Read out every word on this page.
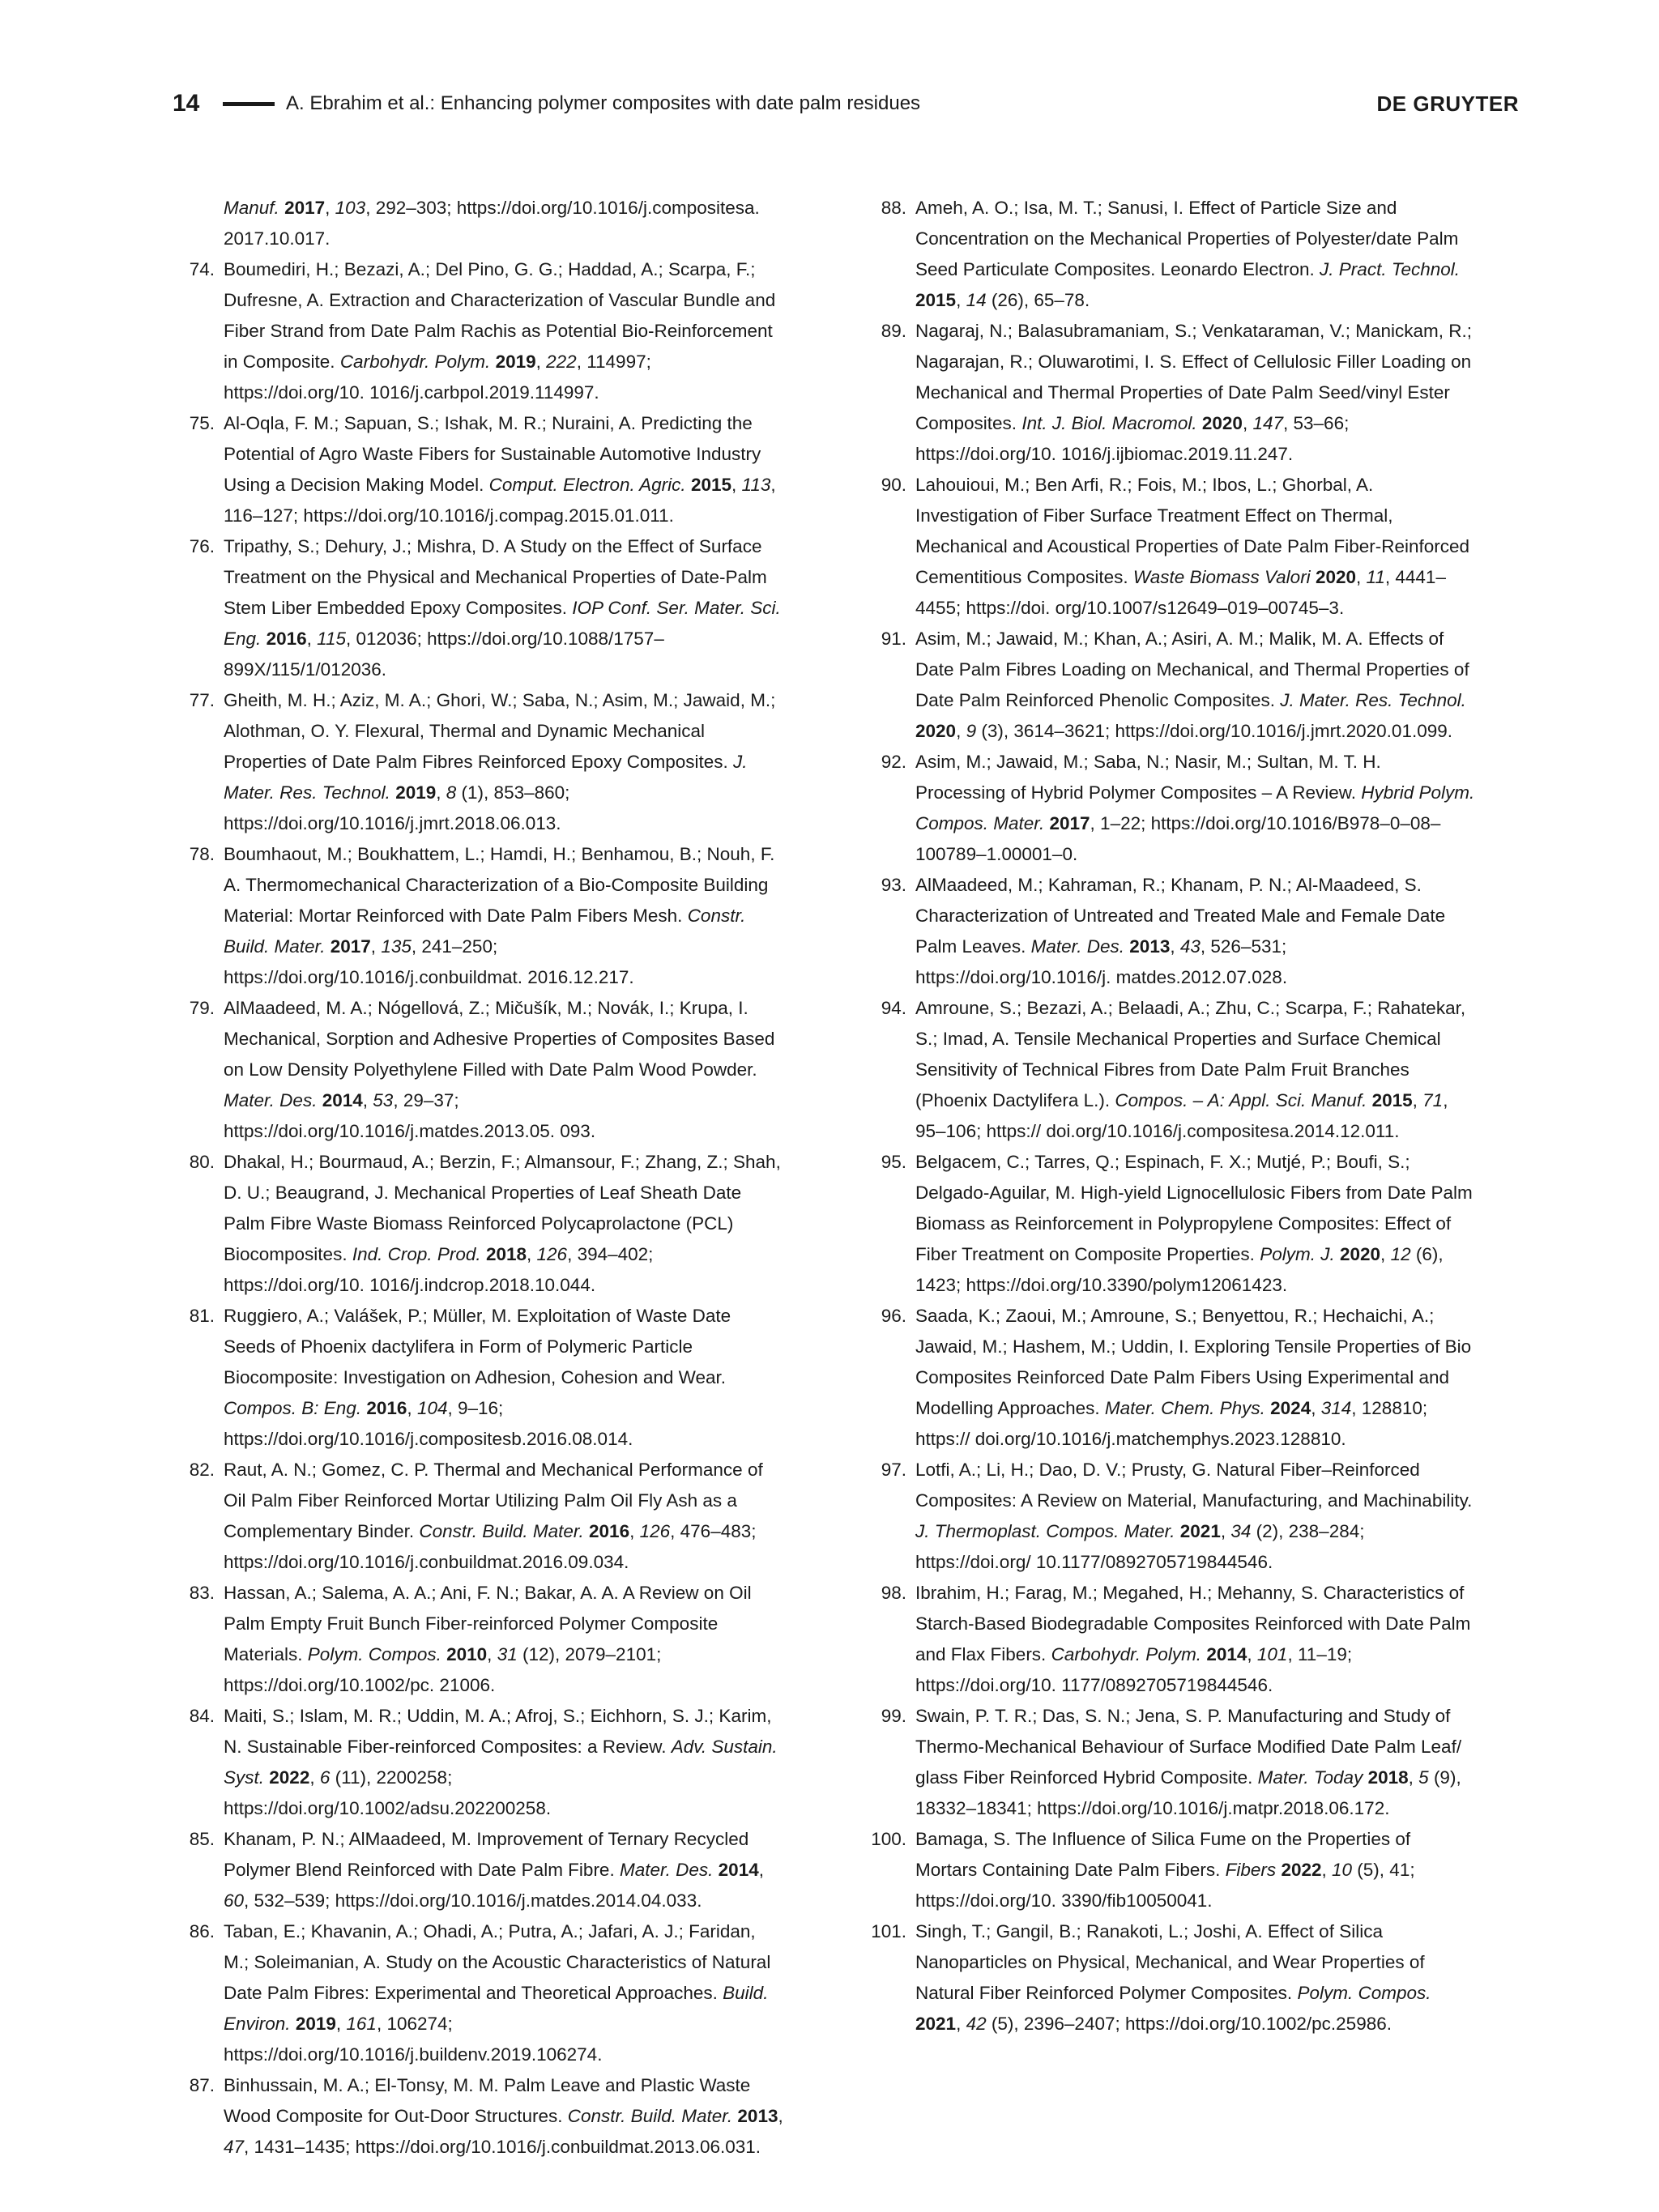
14	A. Ebrahim et al.: Enhancing polymer composites with date palm residues	DE GRUYTER
Manuf. 2017, 103, 292–303; https://doi.org/10.1016/j.compositesa. 2017.10.017.
74. Boumediri, H.; Bezazi, A.; Del Pino, G. G.; Haddad, A.; Scarpa, F.; Dufresne, A. Extraction and Characterization of Vascular Bundle and Fiber Strand from Date Palm Rachis as Potential Bio-Reinforcement in Composite. Carbohydr. Polym. 2019, 222, 114997; https://doi.org/10. 1016/j.carbpol.2019.114997.
75. Al-Oqla, F. M.; Sapuan, S.; Ishak, M. R.; Nuraini, A. Predicting the Potential of Agro Waste Fibers for Sustainable Automotive Industry Using a Decision Making Model. Comput. Electron. Agric. 2015, 113, 116–127; https://doi.org/10.1016/j.compag.2015.01.011.
76. Tripathy, S.; Dehury, J.; Mishra, D. A Study on the Effect of Surface Treatment on the Physical and Mechanical Properties of Date-Palm Stem Liber Embedded Epoxy Composites. IOP Conf. Ser. Mater. Sci. Eng. 2016, 115, 012036; https://doi.org/10.1088/1757–899X/115/1/012036.
77. Gheith, M. H.; Aziz, M. A.; Ghori, W.; Saba, N.; Asim, M.; Jawaid, M.; Alothman, O. Y. Flexural, Thermal and Dynamic Mechanical Properties of Date Palm Fibres Reinforced Epoxy Composites. J. Mater. Res. Technol. 2019, 8 (1), 853–860; https://doi.org/10.1016/j.jmrt.2018.06.013.
78. Boumhaout, M.; Boukhattem, L.; Hamdi, H.; Benhamou, B.; Nouh, F. A. Thermomechanical Characterization of a Bio-Composite Building Material: Mortar Reinforced with Date Palm Fibers Mesh. Constr. Build. Mater. 2017, 135, 241–250; https://doi.org/10.1016/j.conbuildmat. 2016.12.217.
79. AlMaadeed, M. A.; Nógellová, Z.; Mičušík, M.; Novák, I.; Krupa, I. Mechanical, Sorption and Adhesive Properties of Composites Based on Low Density Polyethylene Filled with Date Palm Wood Powder. Mater. Des. 2014, 53, 29–37; https://doi.org/10.1016/j.matdes.2013.05. 093.
80. Dhakal, H.; Bourmaud, A.; Berzin, F.; Almansour, F.; Zhang, Z.; Shah, D. U.; Beaugrand, J. Mechanical Properties of Leaf Sheath Date Palm Fibre Waste Biomass Reinforced Polycaprolactone (PCL) Biocomposites. Ind. Crop. Prod. 2018, 126, 394–402; https://doi.org/10. 1016/j.indcrop.2018.10.044.
81. Ruggiero, A.; Valášek, P.; Müller, M. Exploitation of Waste Date Seeds of Phoenix dactylifera in Form of Polymeric Particle Biocomposite: Investigation on Adhesion, Cohesion and Wear. Compos. B: Eng. 2016, 104, 9–16; https://doi.org/10.1016/j.compositesb.2016.08.014.
82. Raut, A. N.; Gomez, C. P. Thermal and Mechanical Performance of Oil Palm Fiber Reinforced Mortar Utilizing Palm Oil Fly Ash as a Complementary Binder. Constr. Build. Mater. 2016, 126, 476–483; https://doi.org/10.1016/j.conbuildmat.2016.09.034.
83. Hassan, A.; Salema, A. A.; Ani, F. N.; Bakar, A. A. A Review on Oil Palm Empty Fruit Bunch Fiber-reinforced Polymer Composite Materials. Polym. Compos. 2010, 31 (12), 2079–2101; https://doi.org/10.1002/pc. 21006.
84. Maiti, S.; Islam, M. R.; Uddin, M. A.; Afroj, S.; Eichhorn, S. J.; Karim, N. Sustainable Fiber-reinforced Composites: a Review. Adv. Sustain. Syst. 2022, 6 (11), 2200258; https://doi.org/10.1002/adsu.202200258.
85. Khanam, P. N.; AlMaadeed, M. Improvement of Ternary Recycled Polymer Blend Reinforced with Date Palm Fibre. Mater. Des. 2014, 60, 532–539; https://doi.org/10.1016/j.matdes.2014.04.033.
86. Taban, E.; Khavanin, A.; Ohadi, A.; Putra, A.; Jafari, A. J.; Faridan, M.; Soleimanian, A. Study on the Acoustic Characteristics of Natural Date Palm Fibres: Experimental and Theoretical Approaches. Build. Environ. 2019, 161, 106274; https://doi.org/10.1016/j.buildenv.2019.106274.
87. Binhussain, M. A.; El-Tonsy, M. M. Palm Leave and Plastic Waste Wood Composite for Out-Door Structures. Constr. Build. Mater. 2013, 47, 1431–1435; https://doi.org/10.1016/j.conbuildmat.2013.06.031.
88. Ameh, A. O.; Isa, M. T.; Sanusi, I. Effect of Particle Size and Concentration on the Mechanical Properties of Polyester/date Palm Seed Particulate Composites. Leonardo Electron. J. Pract. Technol. 2015, 14 (26), 65–78.
89. Nagaraj, N.; Balasubramaniam, S.; Venkataraman, V.; Manickam, R.; Nagarajan, R.; Oluwarotimi, I. S. Effect of Cellulosic Filler Loading on Mechanical and Thermal Properties of Date Palm Seed/vinyl Ester Composites. Int. J. Biol. Macromol. 2020, 147, 53–66; https://doi.org/10. 1016/j.ijbiomac.2019.11.247.
90. Lahouioui, M.; Ben Arfi, R.; Fois, M.; Ibos, L.; Ghorbal, A. Investigation of Fiber Surface Treatment Effect on Thermal, Mechanical and Acoustical Properties of Date Palm Fiber-Reinforced Cementitious Composites. Waste Biomass Valori 2020, 11, 4441–4455; https://doi. org/10.1007/s12649–019–00745–3.
91. Asim, M.; Jawaid, M.; Khan, A.; Asiri, A. M.; Malik, M. A. Effects of Date Palm Fibres Loading on Mechanical, and Thermal Properties of Date Palm Reinforced Phenolic Composites. J. Mater. Res. Technol. 2020, 9 (3), 3614–3621; https://doi.org/10.1016/j.jmrt.2020.01.099.
92. Asim, M.; Jawaid, M.; Saba, N.; Nasir, M.; Sultan, M. T. H. Processing of Hybrid Polymer Composites – A Review. Hybrid Polym. Compos. Mater. 2017, 1–22; https://doi.org/10.1016/B978–0–08–100789–1.00001–0.
93. AlMaadeed, M.; Kahraman, R.; Khanam, P. N.; Al-Maadeed, S. Characterization of Untreated and Treated Male and Female Date Palm Leaves. Mater. Des. 2013, 43, 526–531; https://doi.org/10.1016/j. matdes.2012.07.028.
94. Amroune, S.; Bezazi, A.; Belaadi, A.; Zhu, C.; Scarpa, F.; Rahatekar, S.; Imad, A. Tensile Mechanical Properties and Surface Chemical Sensitivity of Technical Fibres from Date Palm Fruit Branches (Phoenix Dactylifera L.). Compos. – A: Appl. Sci. Manuf. 2015, 71, 95–106; https:// doi.org/10.1016/j.compositesa.2014.12.011.
95. Belgacem, C.; Tarres, Q.; Espinach, F. X.; Mutjé, P.; Boufi, S.; Delgado-Aguilar, M. High-yield Lignocellulosic Fibers from Date Palm Biomass as Reinforcement in Polypropylene Composites: Effect of Fiber Treatment on Composite Properties. Polym. J. 2020, 12 (6), 1423; https://doi.org/10.3390/polym12061423.
96. Saada, K.; Zaoui, M.; Amroune, S.; Benyettou, R.; Hechaichi, A.; Jawaid, M.; Hashem, M.; Uddin, I. Exploring Tensile Properties of Bio Composites Reinforced Date Palm Fibers Using Experimental and Modelling Approaches. Mater. Chem. Phys. 2024, 314, 128810; https:// doi.org/10.1016/j.matchemphys.2023.128810.
97. Lotfi, A.; Li, H.; Dao, D. V.; Prusty, G. Natural Fiber–Reinforced Composites: A Review on Material, Manufacturing, and Machinability. J. Thermoplast. Compos. Mater. 2021, 34 (2), 238–284; https://doi.org/ 10.1177/0892705719844546.
98. Ibrahim, H.; Farag, M.; Megahed, H.; Mehanny, S. Characteristics of Starch-Based Biodegradable Composites Reinforced with Date Palm and Flax Fibers. Carbohydr. Polym. 2014, 101, 11–19; https://doi.org/10. 1177/0892705719844546.
99. Swain, P. T. R.; Das, S. N.; Jena, S. P. Manufacturing and Study of Thermo-Mechanical Behaviour of Surface Modified Date Palm Leaf/ glass Fiber Reinforced Hybrid Composite. Mater. Today 2018, 5 (9), 18332–18341; https://doi.org/10.1016/j.matpr.2018.06.172.
100. Bamaga, S. The Influence of Silica Fume on the Properties of Mortars Containing Date Palm Fibers. Fibers 2022, 10 (5), 41; https://doi.org/10. 3390/fib10050041.
101. Singh, T.; Gangil, B.; Ranakoti, L.; Joshi, A. Effect of Silica Nanoparticles on Physical, Mechanical, and Wear Properties of Natural Fiber Reinforced Polymer Composites. Polym. Compos. 2021, 42 (5), 2396–2407; https://doi.org/10.1002/pc.25986.
